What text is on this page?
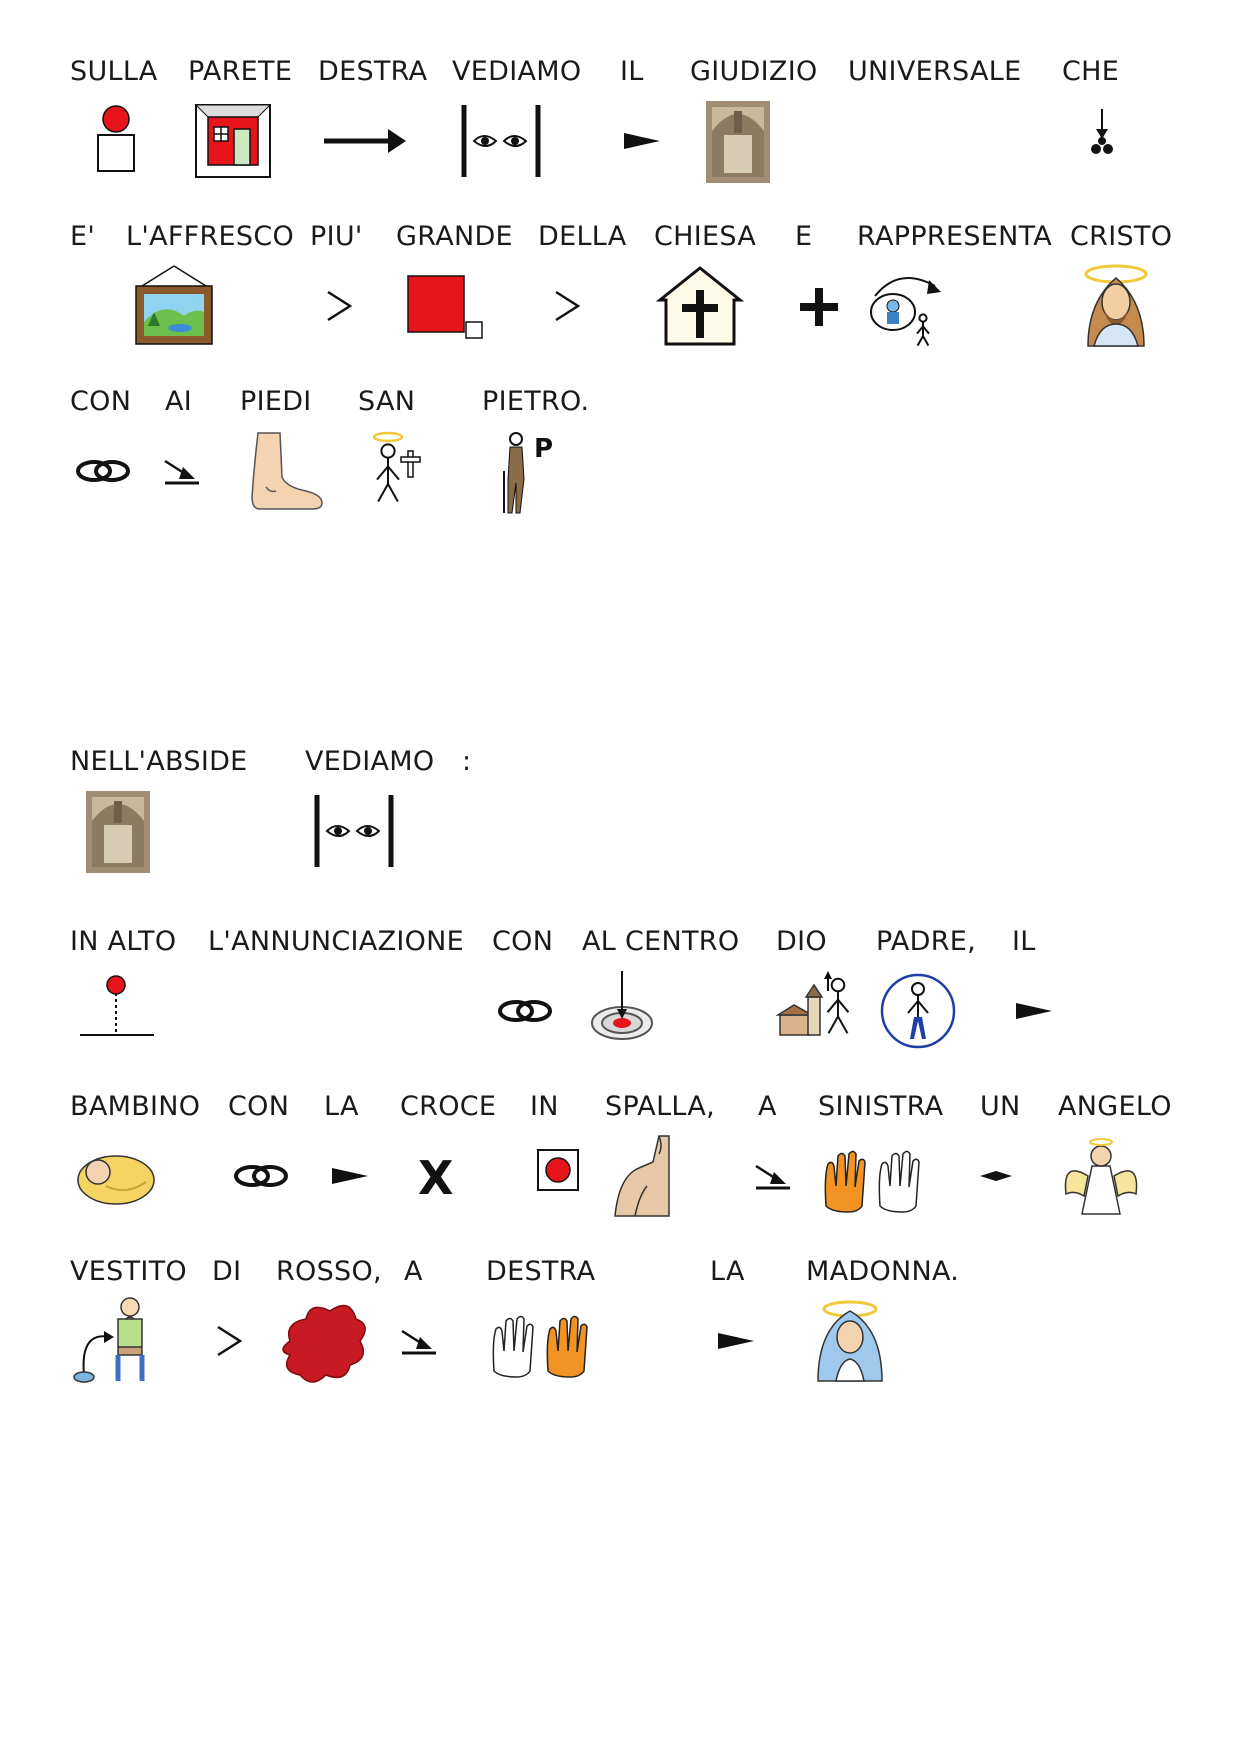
SULLA PARETE DESTRA VEDIAMO IL GIUDIZIO UNIVERSALE CHE
E' L'AFFRESCO PIU' GRANDE DELLA CHIESA E RAPPRESENTA CRISTO
CON AI PIEDI SAN PIETRO.
P
NELL'ABSIDE VEDIAMO :
IN ALTO L'ANNUNCIAZIONE CON AL CENTRO DIO PADRE, IL
BAMBINO CON LA CROCE
X
IN SPALLA, A SINISTRA UN ANGELO
VESTITO DI ROSSO, A DESTRA	LA MADONNA.
